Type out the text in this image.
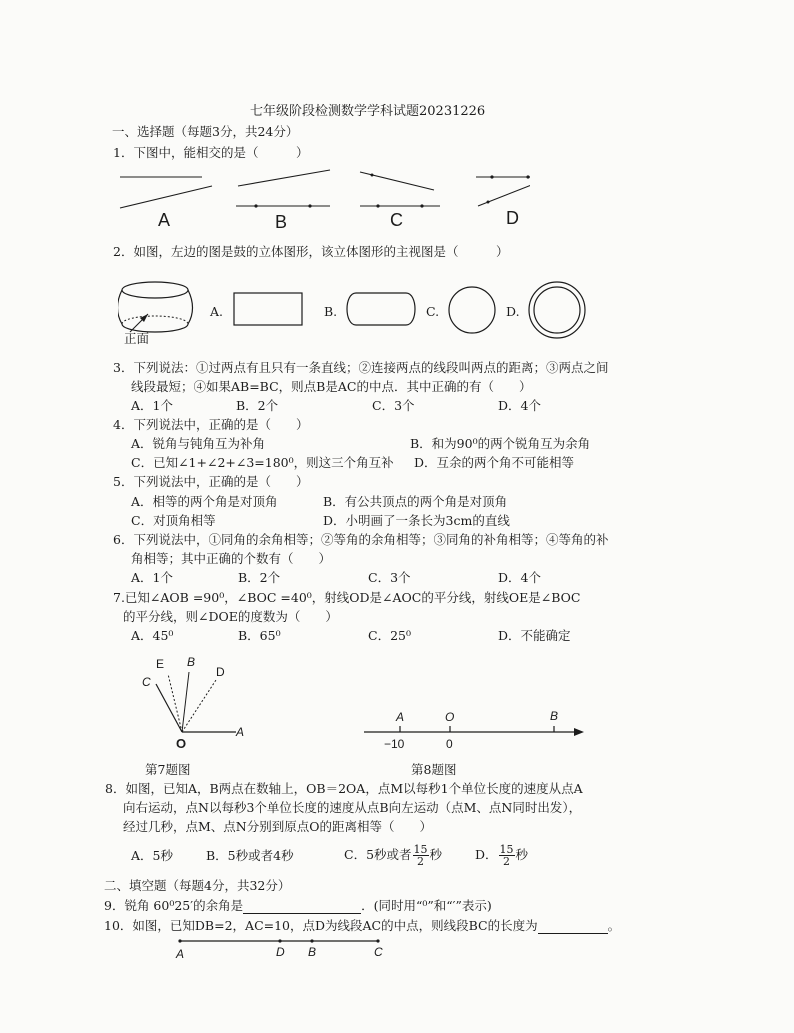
七年级阶段检测数学学科试题20231226
一、选择题（每题3分，共24分）
1．下图中，能相交的是（　　　）
A	B	C	D
2．如图，左边的图是鼓的立体图形，该立体图形的主视图是（　　　）
正面
A.	B.	C.	D.
3．下列说法：①过两点有且只有一条直线；②连接两点的线段叫两点的距离；③两点之间
线段最短；④如果AB=BC，则点B是AC的中点．其中正确的有（　　）
A．1个	B．2个	C．3个	D．4个
4．下列说法中，正确的是（　　）
A．锐角与钝角互为补角	B．和为90⁰的两个锐角互为余角
C．已知∠1+∠2+∠3=180⁰，则这三个角互补 D．互余的两个角不可能相等
5．下列说法中，正确的是（　　）
A．相等的两个角是对顶角	B．有公共顶点的两个角是对顶角
C．对顶角相等	D．小明画了一条长为3cm的直线
6．下列说法中，①同角的余角相等；②等角的余角相等；③同角的补角相等；④等角的补
角相等；其中正确的个数有（　　）
A．1个	B．2个	C．3个	D．4个
7.已知∠AOB =90⁰，∠BOC =40⁰，射线OD是∠AOC的平分线，射线OE是∠BOC
的平分线，则∠DOE的度数为（　　）
A．45⁰	B．65⁰	C．25⁰	D．不能确定
E B
D
C
O
A
第7题图
A	O	B
−10	0
第8题图
8．如图，已知A，B两点在数轴上，OB＝2OA，点M以每秒1个单位长度的速度从点A
向右运动，点N以每秒3个单位长度的速度从点B向左运动（点M、点N同时出发），
经过几秒，点M、点N分别到原点O的距离相等（　　）
A．5秒	B．5秒或者4秒	C．5秒或者 $\frac{15}{2}$ 秒	D． $\frac{15}{2}$ 秒
二、填空题（每题4分，共32分）
9．锐角 60⁰25′的余角是	．(同时用“⁰”和“′”表示)
10．如图，已知DB=2，AC=10，点D为线段AC的中点，则线段BC的长度为	。
A	D B	C
